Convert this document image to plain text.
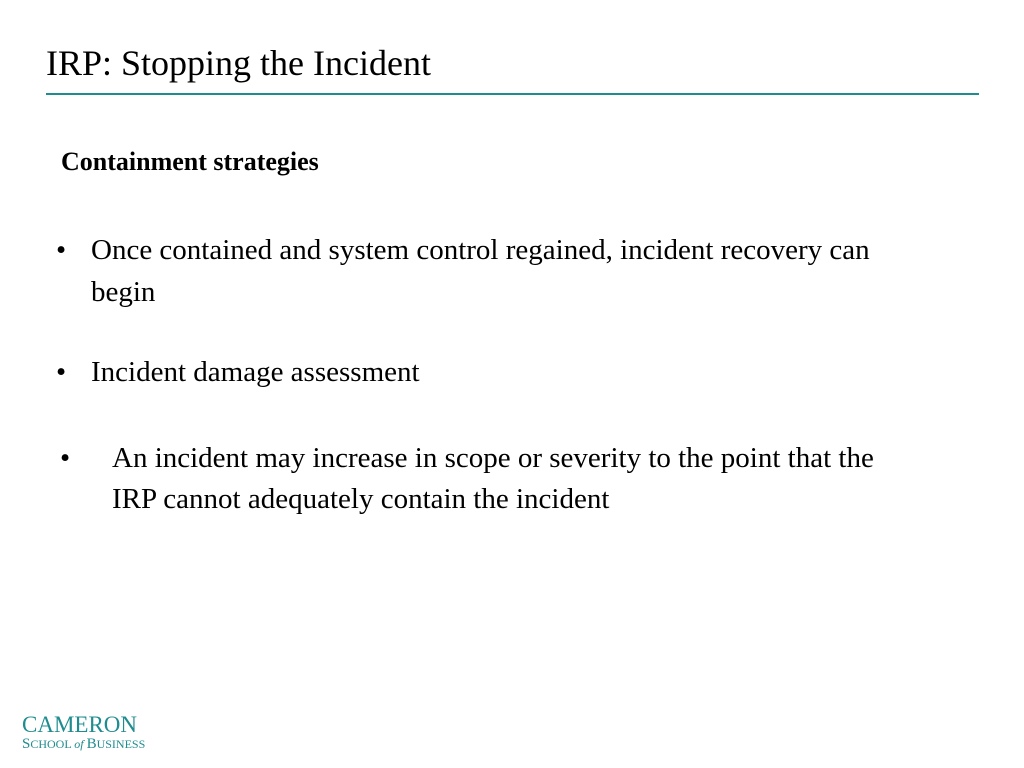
IRP: Stopping the Incident
Containment strategies
• Once contained and system control regained, incident recovery can begin
• Incident damage assessment
• An incident may increase in scope or severity to the point that the IRP cannot adequately contain the incident
CAMERON
SCHOOL of BUSINESS
